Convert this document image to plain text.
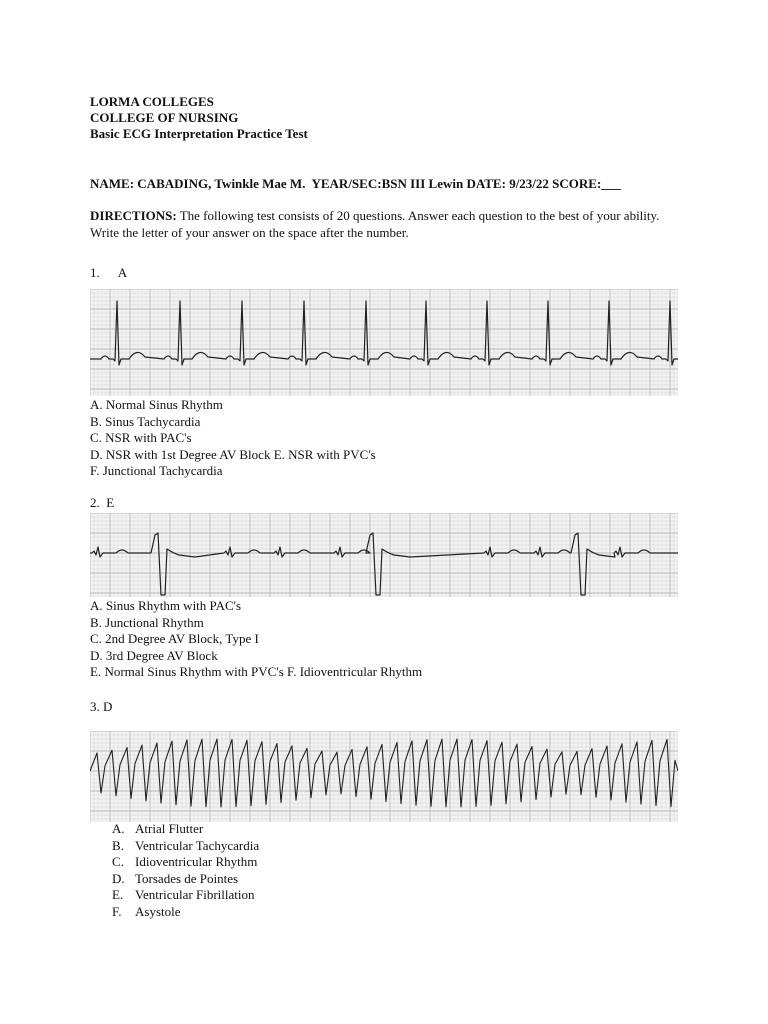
LORMA COLLEGES
COLLEGE OF NURSING
Basic ECG Interpretation Practice Test
NAME: CABADING, Twinkle Mae M. YEAR/SEC:BSN III Lewin DATE: 9/23/22 SCORE:___
DIRECTIONS: The following test consists of 20 questions. Answer each question to the best of your ability. Write the letter of your answer on the space after the number.
1. A
A. Normal Sinus Rhythm
B. Sinus Tachycardia
C. NSR with PAC's
D. NSR with 1st Degree AV Block E. NSR with PVC's
F. Junctional Tachycardia
2. E
A. Sinus Rhythm with PAC's
B. Junctional Rhythm
C. 2nd Degree AV Block, Type I
D. 3rd Degree AV Block
E. Normal Sinus Rhythm with PVC's F. Idioventricular Rhythm
3. D
A. Atrial Flutter
B. Ventricular Tachycardia
C. Idioventricular Rhythm
D. Torsades de Pointes
E. Ventricular Fibrillation
F.	Asystole
